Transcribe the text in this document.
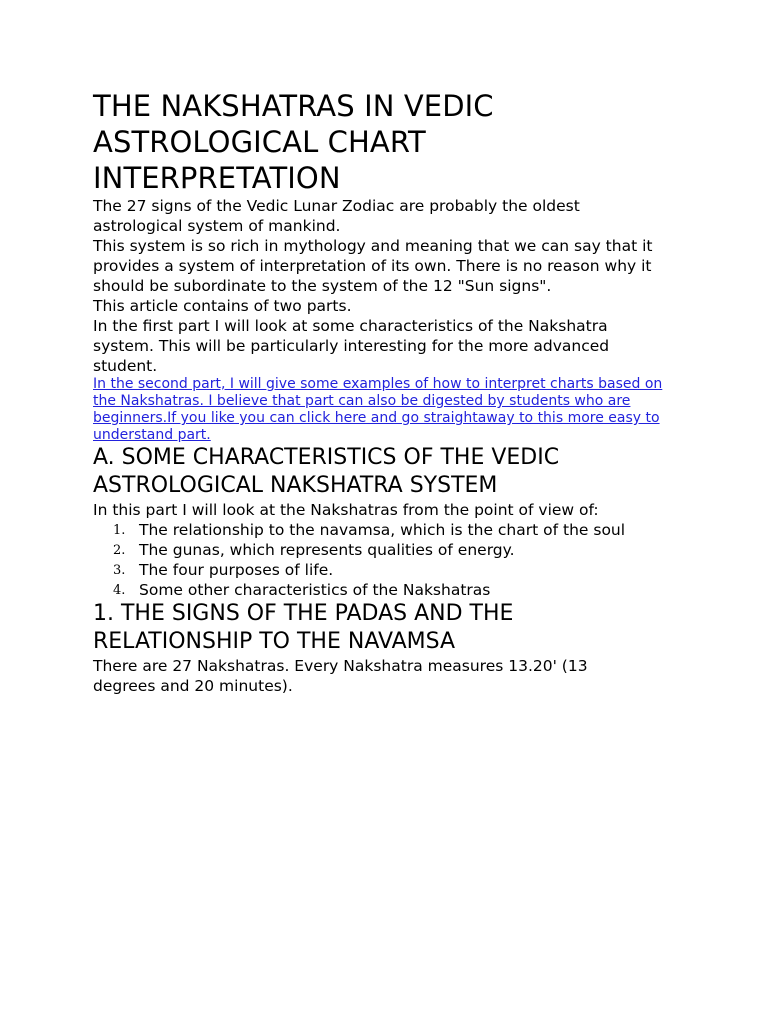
THE NAKSHATRAS IN VEDIC ASTROLOGICAL CHART INTERPRETATION

The 27 signs of the Vedic Lunar Zodiac are probably the oldest astrological system of mankind.

This system is so rich in mythology and meaning that we can say that it provides a system of interpretation of its own. There is no reason why it should be subordinate to the system of the 12 "Sun signs".

This article contains of two parts.

In the first part I will look at some characteristics of the Nakshatra system. This will be particularly interesting for the more advanced student.

In the second part, I will give some examples of how to interpret charts based on the Nakshatras. I believe that part can also be digested by students who are beginners.If you like you can click here and go straightaway to this more easy to understand part.

A. SOME CHARACTERISTICS OF THE VEDIC ASTROLOGICAL NAKSHATRA SYSTEM

In this part I will look at the Nakshatras from the point of view of:

1. The relationship to the navamsa, which is the chart of the soul
2. The gunas, which represents qualities of energy.
3. The four purposes of life.
4. Some other characteristics of the Nakshatras
1. THE SIGNS OF THE PADAS AND THE RELATIONSHIP TO THE NAVAMSA

There are 27 Nakshatras. Every Nakshatra measures 13.20' (13 degrees and 20 minutes).
